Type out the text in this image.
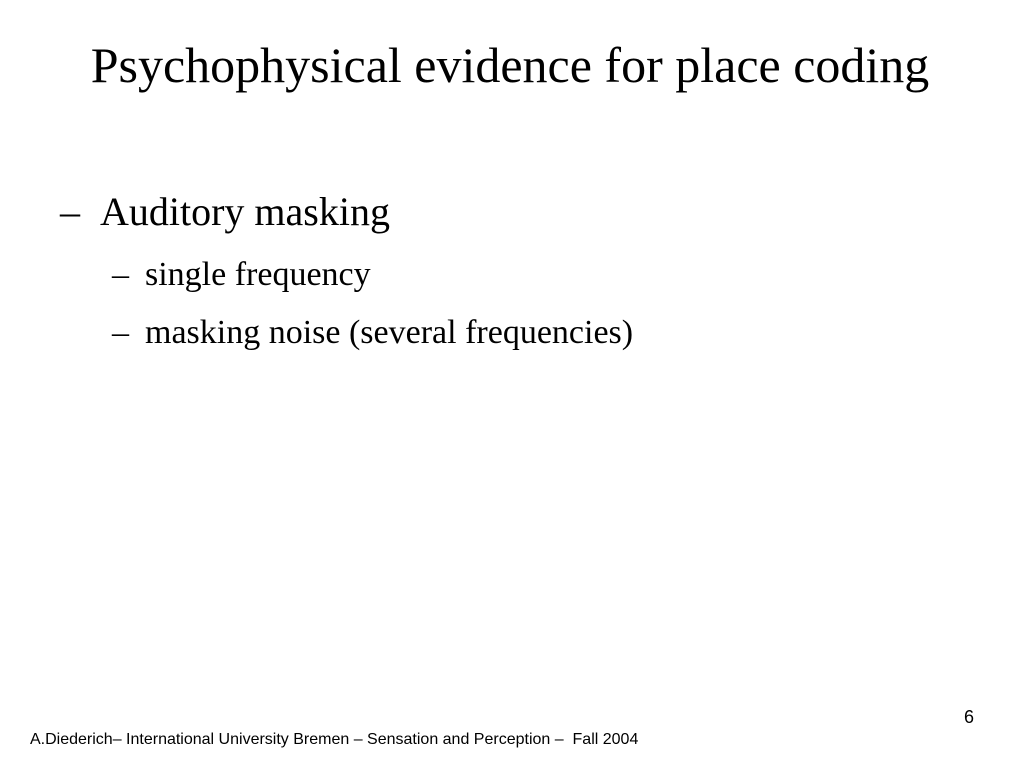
Psychophysical evidence for place coding
– Auditory masking
– single frequency
– masking noise (several frequencies)
6
A.Diederich– International University Bremen – Sensation and Perception –  Fall 2004
